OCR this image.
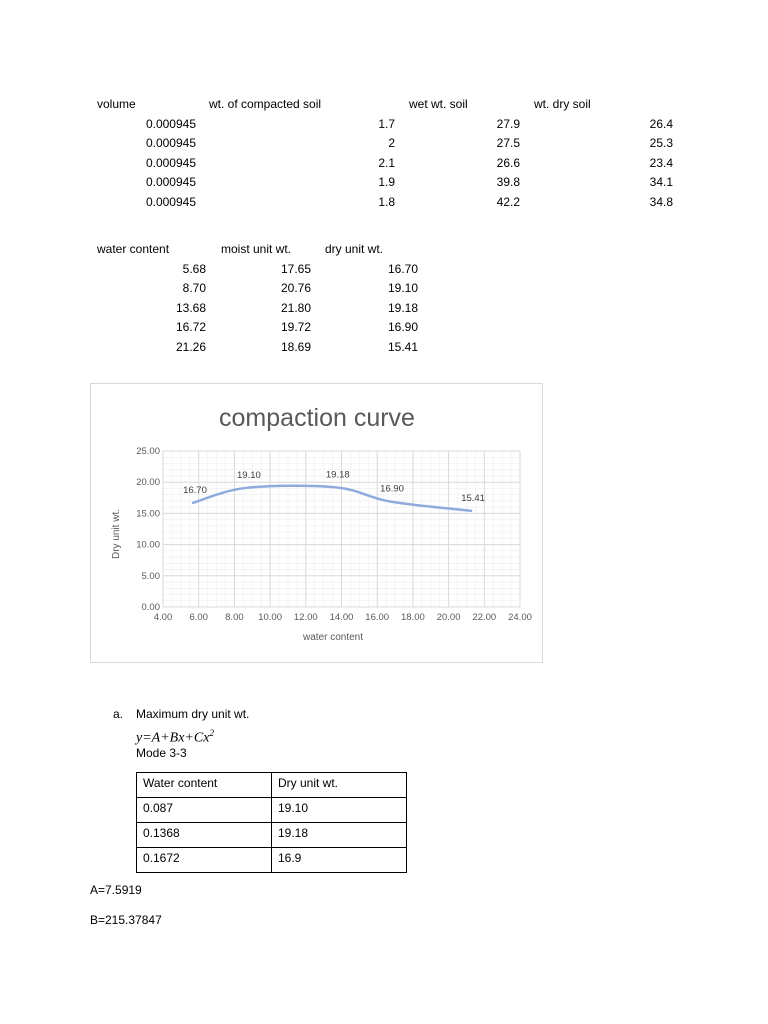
volume	wt. of compacted soil	wet wt. soil	wt. dry soil
0.000945	1.7	27.9	26.4
0.000945	2	27.5	25.3
0.000945	2.1	26.6	23.4
0.000945	1.9	39.8	34.1
0.000945	1.8	42.2	34.8
water content	moist unit wt.	dry unit wt.
5.68	17.65	16.70
8.70	20.76	19.10
13.68	21.80	19.18
16.72	19.72	16.90
21.26	18.69	15.41
4.00 6.00 8.00 10.00 12.00 14.00 16.00 18.00 20.00 22.00 24.00
0.00
5.00
10.00
15.00
20.00
25.00
16.70
19.10	19.18
16.90
15.41
compaction curve
water content
Dry unit wt.
a. Maximum dry unit wt.
$y=A+Bx+Cx^2$
Mode 3-3
Water content	Dry unit wt.
0.087	19.10
0.1368	19.18
0.1672	16.9
A=7.5919
B=215.37847
